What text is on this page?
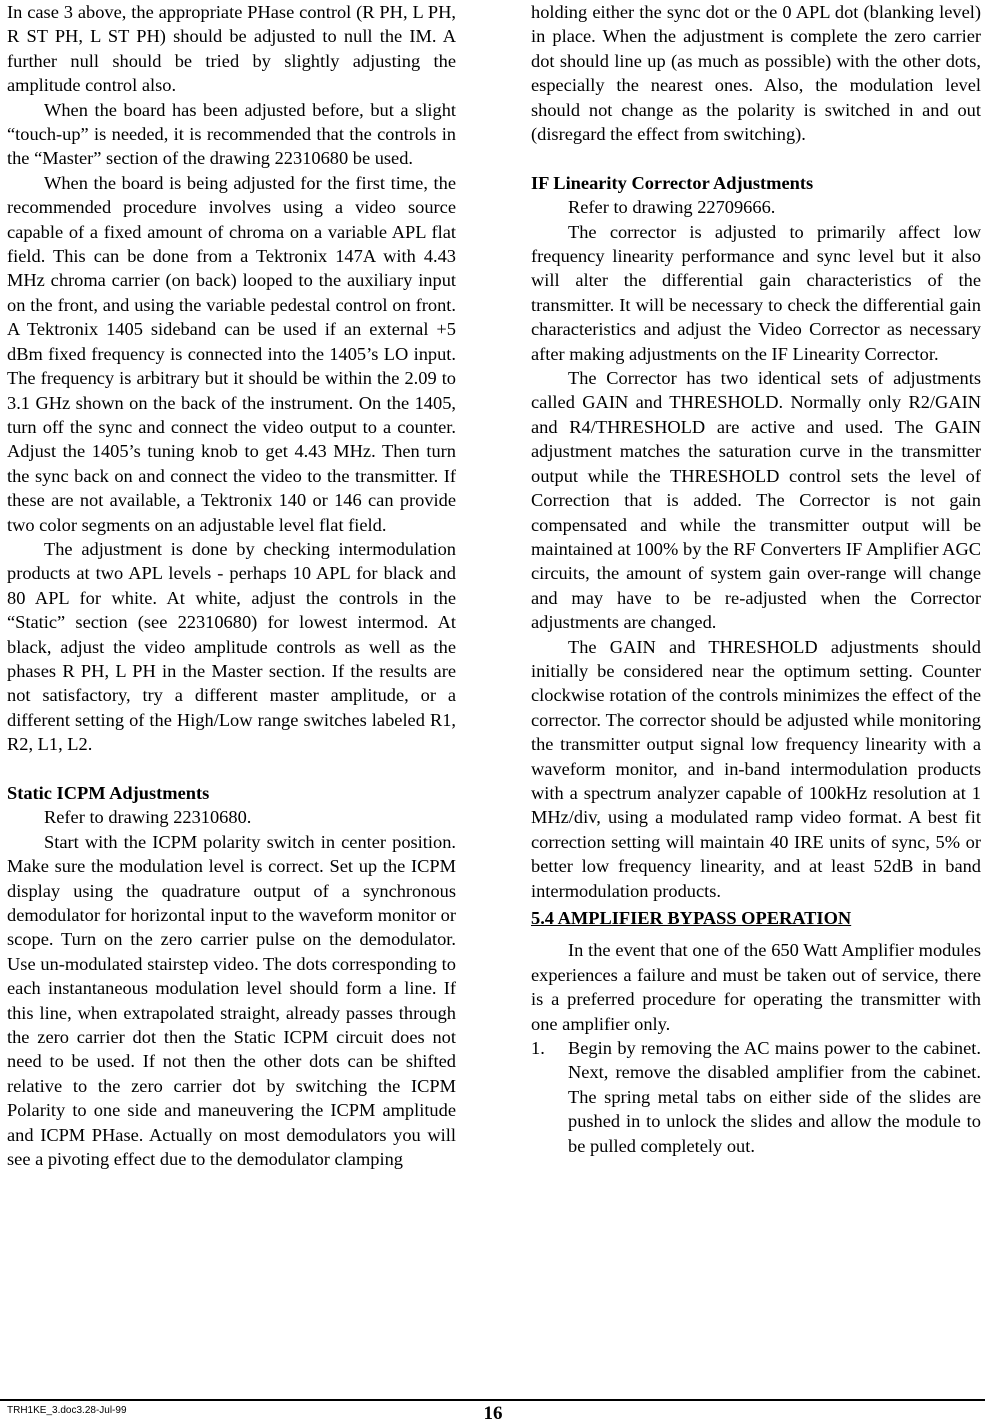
In case 3 above, the appropriate PHase control (R PH, L PH, R ST PH, L ST PH) should be adjusted to null the IM. A further null should be tried by slightly adjusting the amplitude control also.

When the board has been adjusted before, but a slight “touch-up” is needed, it is recommended that the controls in the “Master” section of the drawing 22310680 be used.

When the board is being adjusted for the first time, the recommended procedure involves using a video source capable of a fixed amount of chroma on a variable APL flat field. This can be done from a Tektronix 147A with 4.43 MHz chroma carrier (on back) looped to the auxiliary input on the front, and using the variable pedestal control on front. A Tektronix 1405 sideband can be used if an external +5 dBm fixed frequency is connected into the 1405’s LO input. The frequency is arbitrary but it should be within the 2.09 to 3.1 GHz shown on the back of the instrument. On the 1405, turn off the sync and connect the video output to a counter. Adjust the 1405’s tuning knob to get 4.43 MHz. Then turn the sync back on and connect the video to the transmitter. If these are not available, a Tektronix 140 or 146 can provide two color segments on an adjustable level flat field.

The adjustment is done by checking intermodulation products at two APL levels - perhaps 10 APL for black and 80 APL for white. At white, adjust the controls in the “Static” section (see 22310680) for lowest intermod. At black, adjust the video amplitude controls as well as the phases R PH, L PH in the Master section. If the results are not satisfactory, try a different master amplitude, or a different setting of the High/Low range switches labeled R1, R2, L1, L2.

Static ICPM Adjustments

Refer to drawing 22310680.

Start with the ICPM polarity switch in center position. Make sure the modulation level is correct. Set up the ICPM display using the quadrature output of a synchronous demodulator for horizontal input to the waveform monitor or scope. Turn on the zero carrier pulse on the demodulator. Use un-modulated stairstep video. The dots corresponding to each instantaneous modulation level should form a line. If this line, when extrapolated straight, already passes through the zero carrier dot then the Static ICPM circuit does not need to be used. If not then the other dots can be shifted relative to the zero carrier dot by switching the ICPM Polarity to one side and maneuvering the ICPM amplitude and ICPM PHase. Actually on most demodulators you will see a pivoting effect due to the demodulator clamping

holding either the sync dot or the 0 APL dot (blanking level) in place. When the adjustment is complete the zero carrier dot should line up (as much as possible) with the other dots, especially the nearest ones. Also, the modulation level should not change as the polarity is switched in and out (disregard the effect from switching).

IF Linearity Corrector Adjustments

Refer to drawing 22709666.

The corrector is adjusted to primarily affect low frequency linearity performance and sync level but it also will alter the differential gain characteristics of the transmitter. It will be necessary to check the differential gain characteristics and adjust the Video Corrector as necessary after making adjustments on the IF Linearity Corrector.

The Corrector has two identical sets of adjustments called GAIN and THRESHOLD. Normally only R2/GAIN and R4/THRESHOLD are active and used. The GAIN adjustment matches the saturation curve in the transmitter output while the THRESHOLD control sets the level of Correction that is added. The Corrector is not gain compensated and while the transmitter output will be maintained at 100% by the RF Converters IF Amplifier AGC circuits, the amount of system gain over-range will change and may have to be re-adjusted when the Corrector adjustments are changed.

The GAIN and THRESHOLD adjustments should initially be considered near the optimum setting. Counter clockwise rotation of the controls minimizes the effect of the corrector. The corrector should be adjusted while monitoring the transmitter output signal low frequency linearity with a waveform monitor, and in-band intermodulation products with a spectrum analyzer capable of 100kHz resolution at 1 MHz/div, using a modulated ramp video format. A best fit correction setting will maintain 40 IRE units of sync, 5% or better low frequency linearity, and at least 52dB in band intermodulation products.

5.4 AMPLIFIER BYPASS OPERATION

In the event that one of the 650 Watt Amplifier modules experiences a failure and must be taken out of service, there is a preferred procedure for operating the transmitter with one amplifier only.

1.	Begin by removing the AC mains power to the cabinet. Next, remove the disabled amplifier from the cabinet. The spring metal tabs on either side of the slides are pushed in to unlock the slides and allow the module to be pulled completely out.
TRH1KE_3.doc3.28-Jul-99	16
